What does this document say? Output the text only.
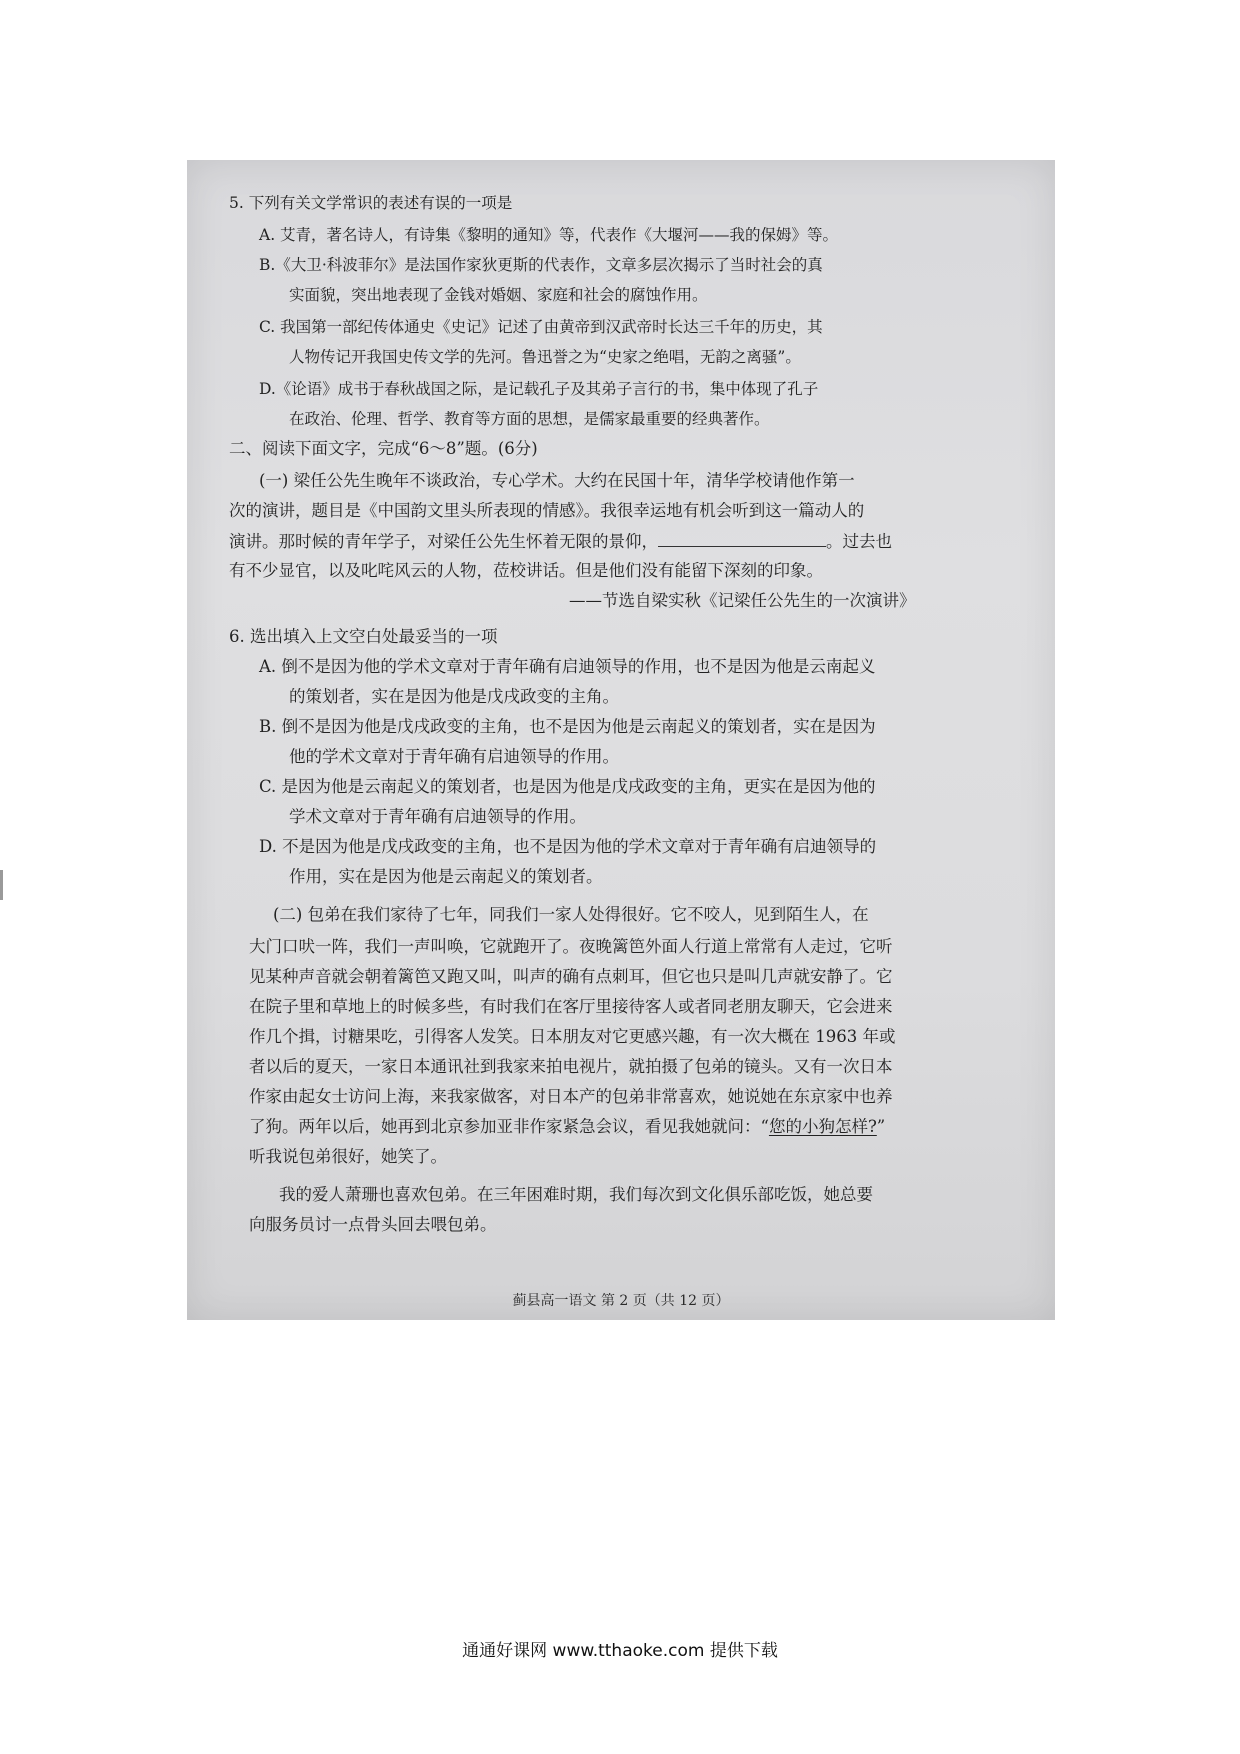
5. 下列有关文学常识的表述有误的一项是
A. 艾青，著名诗人，有诗集《黎明的通知》等，代表作《大堰河——我的保姆》等。
B.《大卫·科波菲尔》是法国作家狄更斯的代表作，文章多层次揭示了当时社会的真
实面貌，突出地表现了金钱对婚姻、家庭和社会的腐蚀作用。
C. 我国第一部纪传体通史《史记》记述了由黄帝到汉武帝时长达三千年的历史，其
人物传记开我国史传文学的先河。鲁迅誉之为“史家之绝唱，无韵之离骚”。
D.《论语》成书于春秋战国之际，是记载孔子及其弟子言行的书，集中体现了孔子
在政治、伦理、哲学、教育等方面的思想，是儒家最重要的经典著作。
二、阅读下面文字，完成“6～8”题。(6分)
(一) 梁任公先生晚年不谈政治，专心学术。大约在民国十年，清华学校请他作第一
次的演讲，题目是《中国韵文里头所表现的情感》。我很幸运地有机会听到这一篇动人的
演讲。那时候的青年学子，对梁任公先生怀着无限的景仰，	。过去也
有不少显官，以及叱咤风云的人物，莅校讲话。但是他们没有能留下深刻的印象。
——节选自梁实秋《记梁任公先生的一次演讲》
6. 选出填入上文空白处最妥当的一项
A. 倒不是因为他的学术文章对于青年确有启迪领导的作用，也不是因为他是云南起义
的策划者，实在是因为他是戊戌政变的主角。
B. 倒不是因为他是戊戌政变的主角，也不是因为他是云南起义的策划者，实在是因为
他的学术文章对于青年确有启迪领导的作用。
C. 是因为他是云南起义的策划者，也是因为他是戊戌政变的主角，更实在是因为他的
学术文章对于青年确有启迪领导的作用。
D. 不是因为他是戊戌政变的主角，也不是因为他的学术文章对于青年确有启迪领导的
作用，实在是因为他是云南起义的策划者。
(二) 包弟在我们家待了七年，同我们一家人处得很好。它不咬人，见到陌生人，在
大门口吠一阵，我们一声叫唤，它就跑开了。夜晚篱笆外面人行道上常常有人走过，它听
见某种声音就会朝着篱笆又跑又叫，叫声的确有点刺耳，但它也只是叫几声就安静了。它
在院子里和草地上的时候多些，有时我们在客厅里接待客人或者同老朋友聊天，它会进来
作几个揖，讨糖果吃，引得客人发笑。日本朋友对它更感兴趣，有一次大概在 1963 年或
者以后的夏天，一家日本通讯社到我家来拍电视片，就拍摄了包弟的镜头。又有一次日本
作家由起女士访问上海，来我家做客，对日本产的包弟非常喜欢，她说她在东京家中也养
了狗。两年以后，她再到北京参加亚非作家紧急会议，看见我她就问：“您的小狗怎样?”
听我说包弟很好，她笑了。
我的爱人萧珊也喜欢包弟。在三年困难时期，我们每次到文化俱乐部吃饭，她总要
向服务员讨一点骨头回去喂包弟。
蓟县高一语文 第 2 页（共 12 页）
通通好课网 www.tthaoke.com 提供下载
